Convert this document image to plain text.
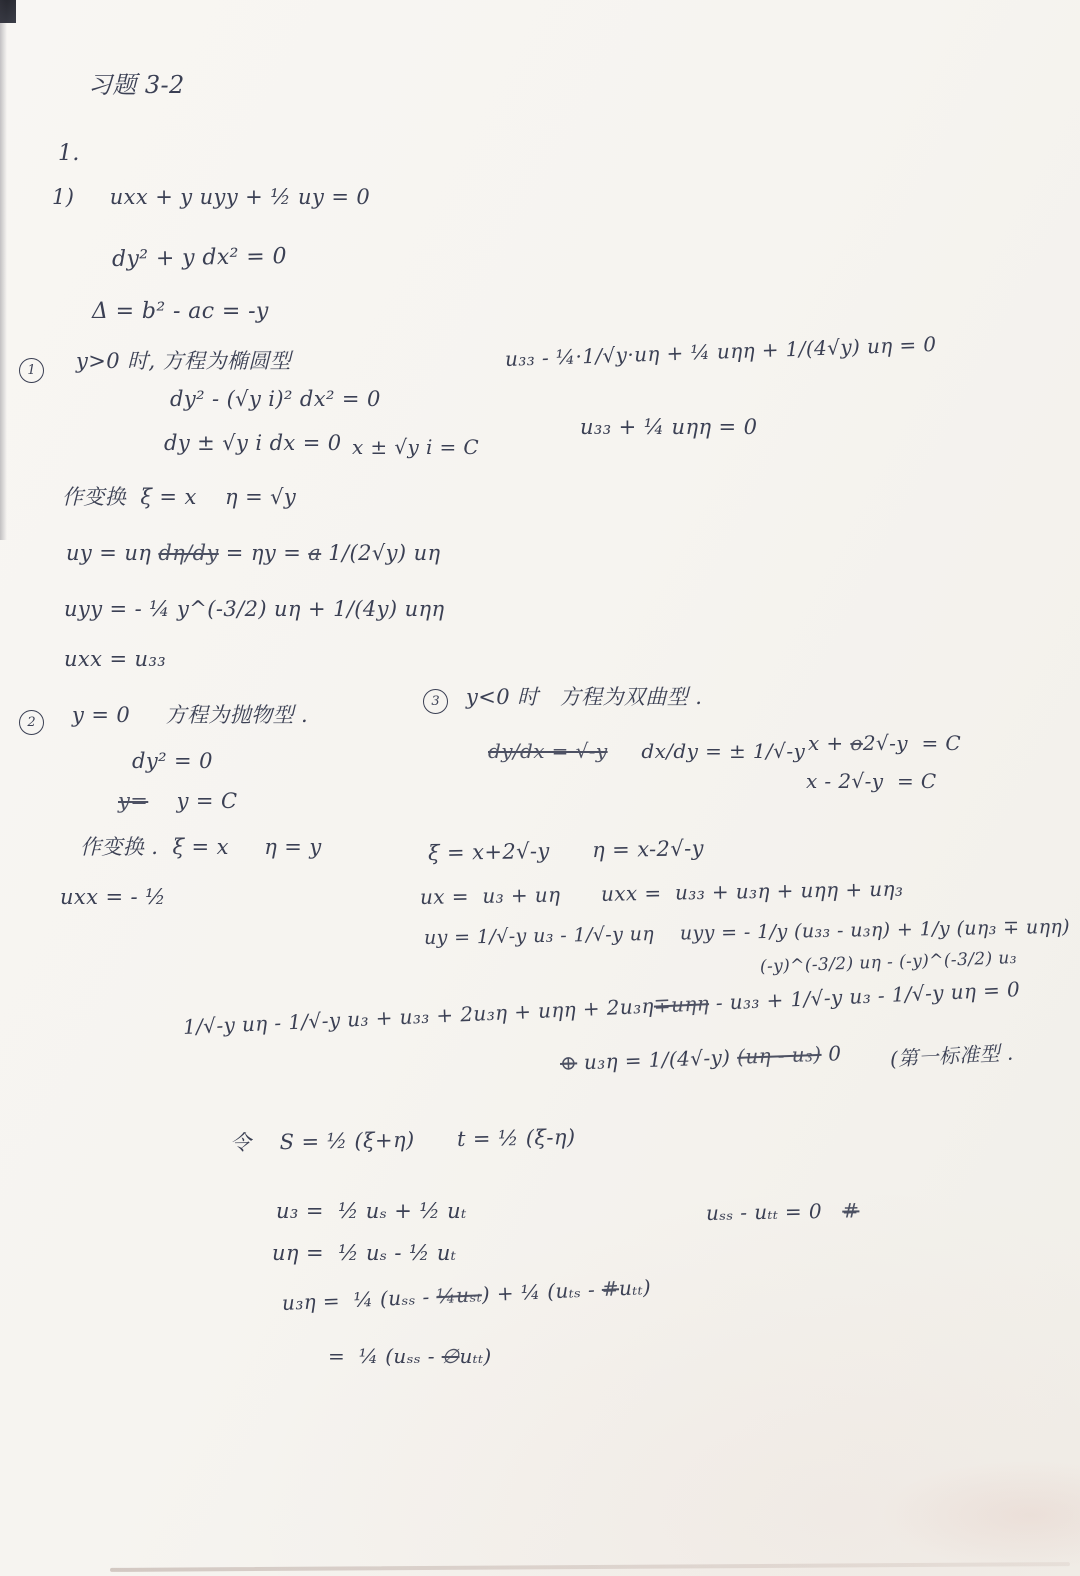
1
2
3
习题 3-2
1.
1)     uxx + y uyy + ½ uy = 0
dy² + y dx² = 0
Δ = b² - ac = -y
y>0 时, 方程为椭圆型
dy² - (√y i)² dx² = 0
dy ± √y i dx = 0 x ± √y i = C
u₃₃ - ¼·1/√y·uη + ¼ uηη + 1/(4√y) uη = 0
u₃₃ + ¼ uηη = 0
作变换  ξ = x    η = √y
uy = uη dη/dy = ηy = a 1/(2√y) uη
uyy = - ¼ y^(-3/2) uη + 1/(4y) uηη
uxx = u₃₃
y = 0     方程为抛物型 .
dy² = 0
y=    y = C
作变换 .  ξ = x     η = y
uxx = - ½
y<0 时   方程为双曲型 .
dy/dx = √-y     dx/dy = ± 1/√-y x + o2√-y  = C
x - 2√-y  = C
ξ = x+2√-y      η = x-2√-y
ux =  u₃ + uη      uxx =  u₃₃ + u₃η + uηη + uη₃
uy = 1/√-y u₃ - 1/√-y uη    uyy = - 1/y (u₃₃ - u₃η) + 1/y (uη₃ ∓ uηη)
(-y)^(-3/2) uη - (-y)^(-3/2) u₃
1/√-y uη - 1/√-y u₃ + u₃₃ + 2u₃η + uηη + 2u₃η∓uηη - u₃₃ + 1/√-y u₃ - 1/√-y uη = 0
⊕ u₃η = 1/(4√-y) (uη - u₃) 0 (第一标准型 .
令    S = ½ (ξ+η)      t = ½ (ξ-η)
u₃ =  ½ uₛ + ½ uₜ
uη =  ½ uₛ - ½ uₜ
u₃η =  ¼ (uₛₛ - ¼uₛₜ) + ¼ (uₜₛ - #uₜₜ)
=  ¼ (uₛₛ - ∅uₜₜ)
uₛₛ - uₜₜ = 0   #
